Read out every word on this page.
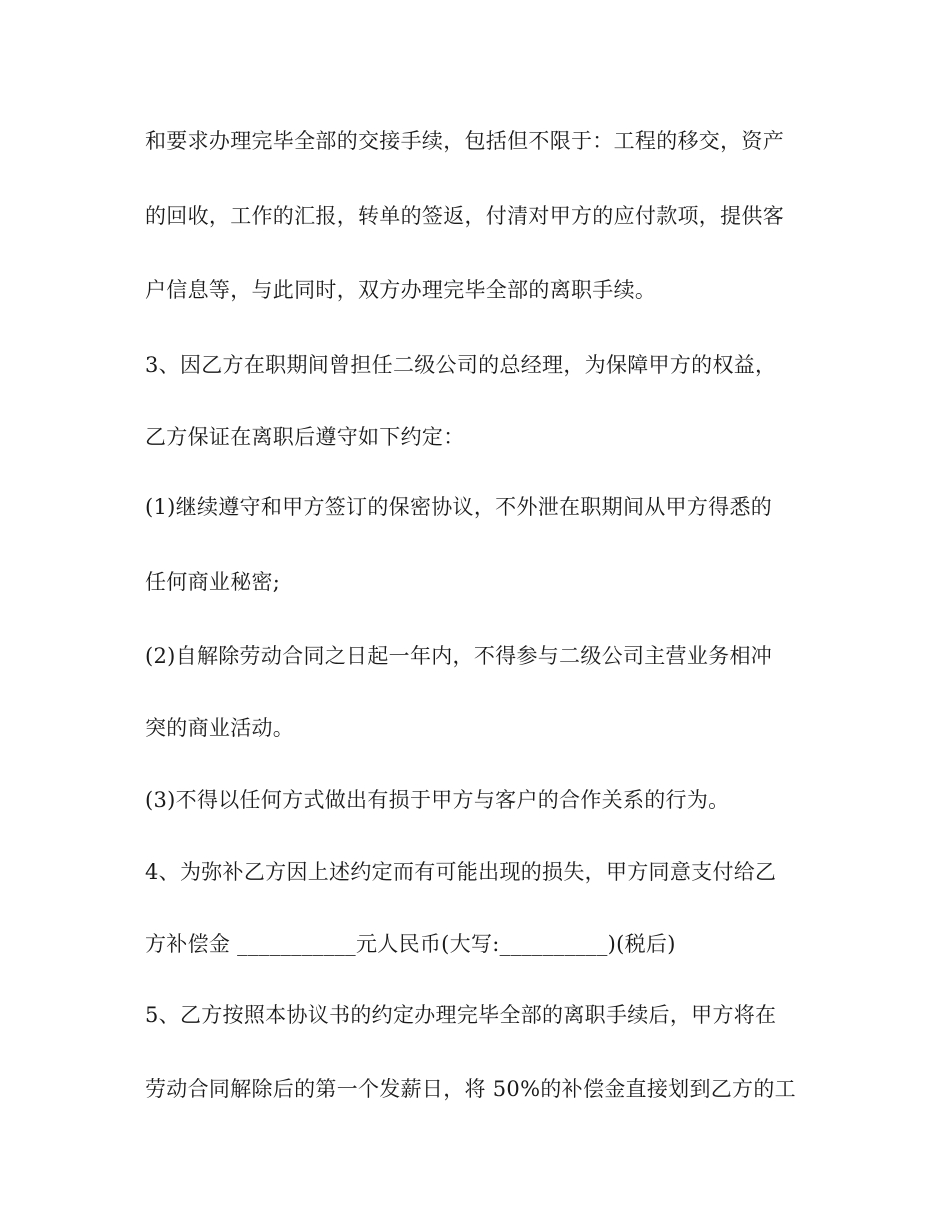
和要求办理完毕全部的交接手续，包括但不限于：工程的移交，资产

的回收，工作的汇报，转单的签返，付清对甲方的应付款项，提供客

户信息等，与此同时，双方办理完毕全部的离职手续。

3、因乙方在职期间曾担任二级公司的总经理，为保障甲方的权益，

乙方保证在离职后遵守如下约定：

(1)继续遵守和甲方签订的保密协议，不外泄在职期间从甲方得悉的

任何商业秘密;

(2)自解除劳动合同之日起一年内，不得参与二级公司主营业务相冲

突的商业活动。

(3)不得以任何方式做出有损于甲方与客户的合作关系的行为。

4、为弥补乙方因上述约定而有可能出现的损失，甲方同意支付给乙

方补偿金 ___________元人民币(大写:__________)(税后)

5、乙方按照本协议书的约定办理完毕全部的离职手续后，甲方将在

劳动合同解除后的第一个发薪日，将 50%的补偿金直接划到乙方的工
